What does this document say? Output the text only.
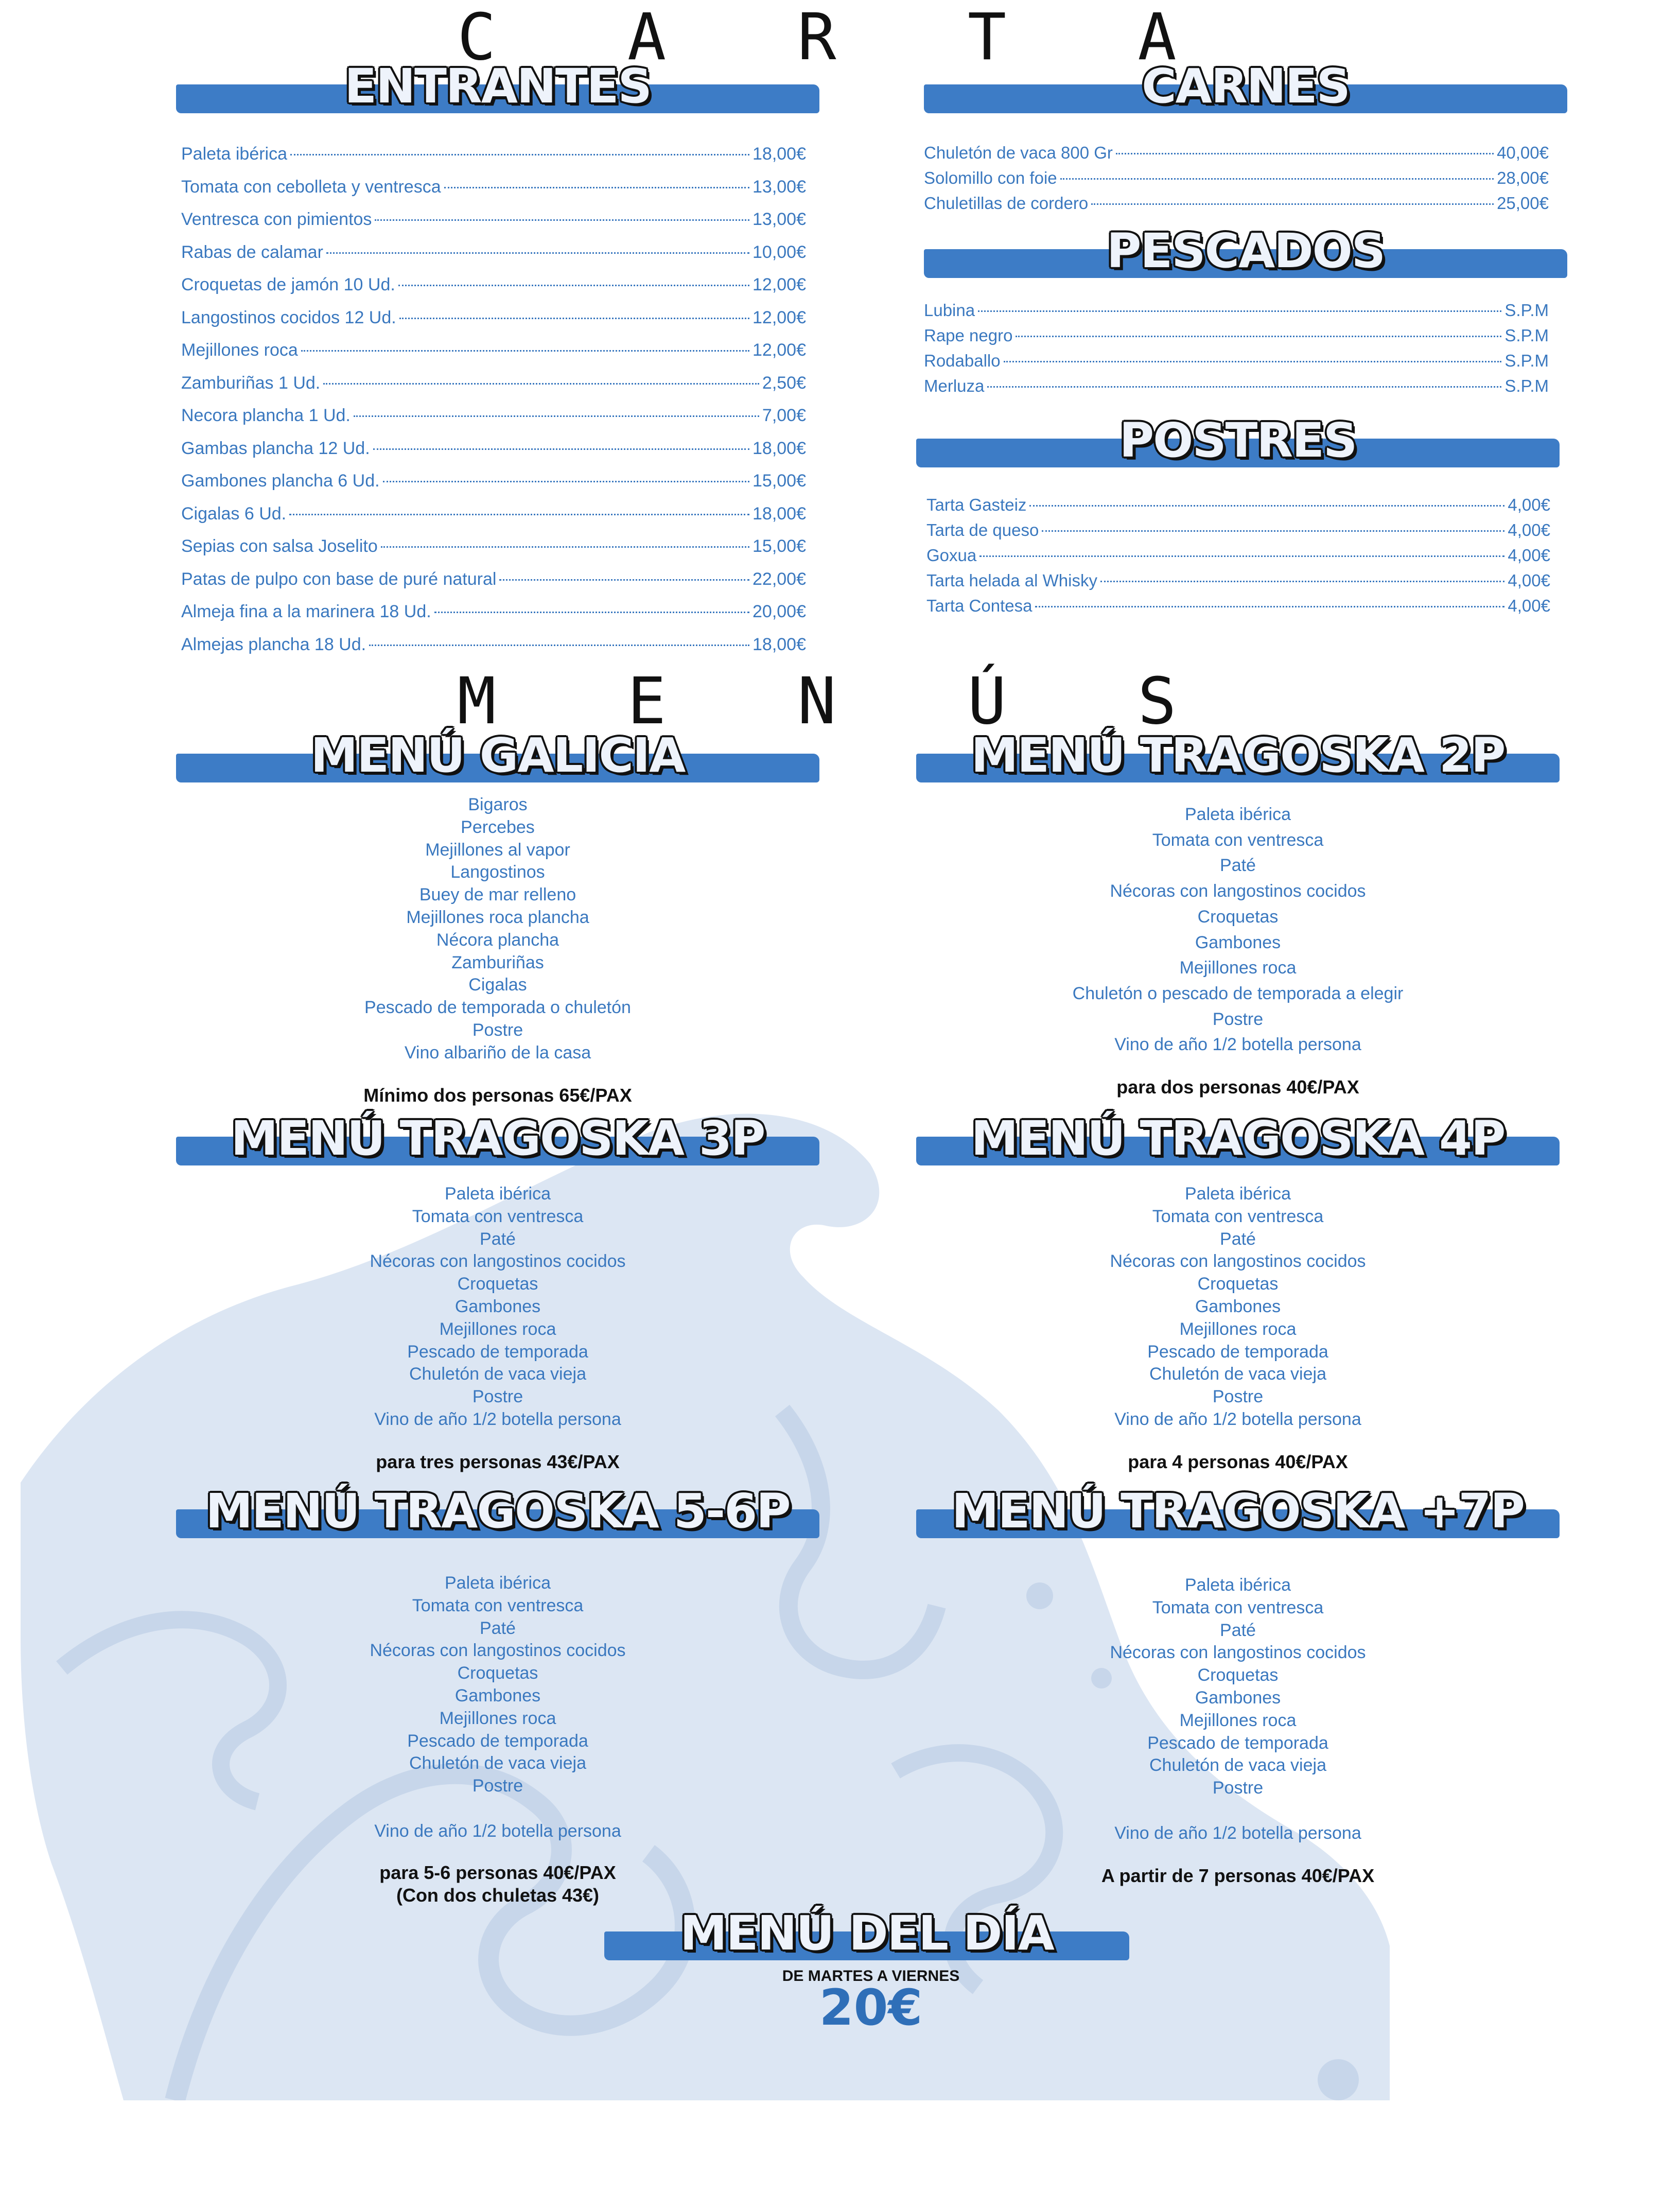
C A R T A
M E N Ú S
ENTRANTES
Paleta ibérica	18,00€
Tomata con cebolleta y ventresca	13,00€
Ventresca con pimientos	13,00€
Rabas de calamar	10,00€
Croquetas de jamón 10 Ud.	12,00€
Langostinos cocidos 12 Ud.	12,00€
Mejillones roca	12,00€
Zamburiñas 1 Ud.	2,50€
Necora plancha 1 Ud.	7,00€
Gambas plancha 12 Ud.	18,00€
Gambones plancha 6 Ud.	15,00€
Cigalas 6 Ud.	18,00€
Sepias con salsa Joselito	15,00€
Patas de pulpo con base de puré natural	22,00€
Almeja fina a la marinera 18 Ud.	20,00€
Almejas plancha 18 Ud.	18,00€
CARNES
Chuletón de vaca 800 Gr	40,00€
Solomillo con foie	28,00€
Chuletillas de cordero	25,00€
PESCADOS
Lubina	S.P.M
Rape negro	S.P.M
Rodaballo	S.P.M
Merluza	S.P.M
POSTRES
Tarta Gasteiz	4,00€
Tarta de queso	4,00€
Goxua	4,00€
Tarta helada al Whisky	4,00€
Tarta Contesa	4,00€
MENÚ GALICIA
Bigaros
Percebes
Mejillones al vapor
Langostinos
Buey de mar relleno
Mejillones roca plancha
Nécora plancha
Zamburiñas
Cigalas
Pescado de temporada o chuletón
Postre
Vino albariño de la casa
Mínimo dos personas 65€/PAX
MENÚ TRAGOSKA 2P
Paleta ibérica
Tomata con ventresca
Paté
Nécoras con langostinos cocidos
Croquetas
Gambones
Mejillones roca
Chuletón o pescado de temporada a elegir
Postre
Vino de año 1/2 botella persona
para dos personas 40€/PAX
MENÚ TRAGOSKA 3P
Paleta ibérica
Tomata con ventresca
Paté
Nécoras con langostinos cocidos
Croquetas
Gambones
Mejillones roca
Pescado de temporada
Chuletón de vaca vieja
Postre
Vino de año 1/2 botella persona
para tres personas 43€/PAX
MENÚ TRAGOSKA 4P
Paleta ibérica
Tomata con ventresca
Paté
Nécoras con langostinos cocidos
Croquetas
Gambones
Mejillones roca
Pescado de temporada
Chuletón de vaca vieja
Postre
Vino de año 1/2 botella persona
para 4 personas 40€/PAX
MENÚ TRAGOSKA 5-6P
Paleta ibérica
Tomata con ventresca
Paté
Nécoras con langostinos cocidos
Croquetas
Gambones
Mejillones roca
Pescado de temporada
Chuletón de vaca vieja
Postre

Vino de año 1/2 botella persona
para 5-6 personas 40€/PAX
(Con dos chuletas 43€)
MENÚ TRAGOSKA +7P
Paleta ibérica
Tomata con ventresca
Paté
Nécoras con langostinos cocidos
Croquetas
Gambones
Mejillones roca
Pescado de temporada
Chuletón de vaca vieja
Postre

Vino de año 1/2 botella persona
A partir de 7 personas 40€/PAX
MENÚ DEL DÍA
DE MARTES A VIERNES
20€
